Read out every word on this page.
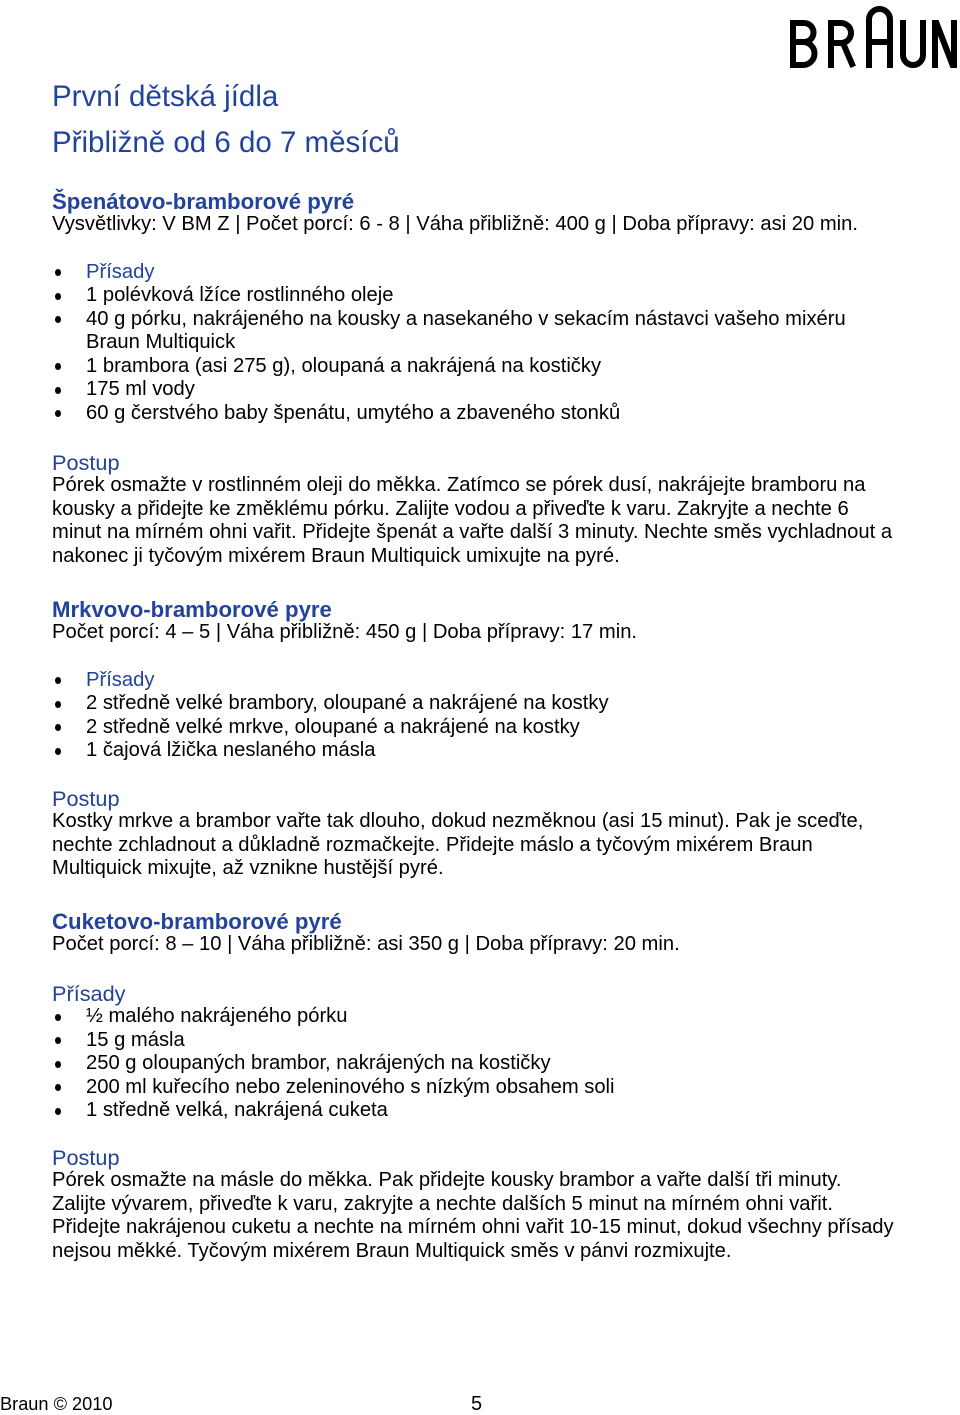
První dětská jídla
Přibližně od 6 do 7 měsíců
Špenátovo-bramborové pyré
Vysvětlivky: V BM Z | Počet porcí: 6 - 8 | Váha přibližně: 400 g | Doba přípravy: asi 20 min.
Přísady
1 polévková lžíce rostlinného oleje
40 g pórku, nakrájeného na kousky a nasekaného v sekacím nástavci vašeho mixéru Braun Multiquick
1 brambora (asi 275 g), oloupaná a nakrájená na kostičky
175 ml vody
60 g čerstvého baby špenátu, umytého a zbaveného stonků
Postup
Pórek osmažte v rostlinném oleji do měkka. Zatímco se pórek dusí, nakrájejte bramboru na
kousky a přidejte ke změklému pórku. Zalijte vodou a přiveďte k varu. Zakryjte a nechte 6
minut na mírném ohni vařit. Přidejte špenát a vařte další 3 minuty. Nechte směs vychladnout a
nakonec ji tyčovým mixérem Braun Multiquick umixujte na pyré.
Mrkvovo-bramborové pyre
Počet porcí: 4 – 5 | Váha přibližně: 450 g | Doba přípravy: 17 min.
Přísady
2 středně velké brambory, oloupané a nakrájené na kostky
2 středně velké mrkve, oloupané a nakrájené na kostky
1 čajová lžička neslaného másla
Postup
Kostky mrkve a brambor vařte tak dlouho, dokud nezměknou (asi 15 minut). Pak je sceďte,
nechte zchladnout a důkladně rozmačkejte. Přidejte máslo a tyčovým mixérem Braun
Multiquick mixujte, až vznikne hustější pyré.
Cuketovo-bramborové pyré
Počet porcí: 8 – 10 | Váha přibližně: asi 350 g | Doba přípravy: 20 min.
Přísady
½ malého nakrájeného pórku
15 g másla
250 g oloupaných brambor, nakrájených na kostičky
200 ml kuřecího nebo zeleninového s nízkým obsahem soli
1 středně velká, nakrájená cuketa
Postup
Pórek osmažte na másle do měkka. Pak přidejte kousky brambor a vařte další tři minuty.
Zalijte vývarem, přiveďte k varu, zakryjte a nechte dalších 5 minut na mírném ohni vařit.
Přidejte nakrájenou cuketu a nechte na mírném ohni vařit 10-15 minut, dokud všechny přísady
nejsou měkké. Tyčovým mixérem Braun Multiquick směs v pánvi rozmixujte.
Braun © 2010	5
